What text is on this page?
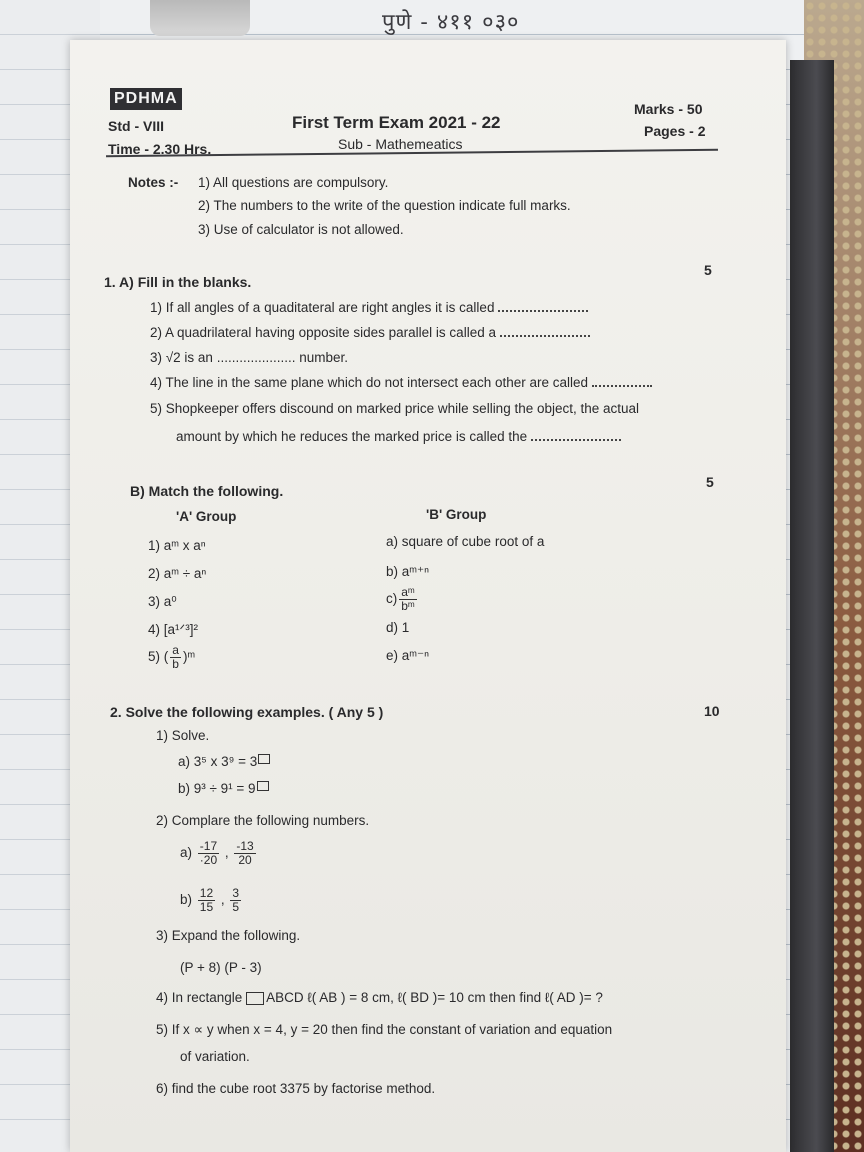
पुणे - ४११ ०३०
PDHMA
Std - VIII
Time - 2.30 Hrs.
First Term Exam 2021 - 22
Sub - Mathemeatics
Marks - 50
Pages - 2
Notes :- 1) All questions are compulsory.
2) The numbers to the write of the question indicate full marks.
3) Use of calculator is not allowed.
1. A) Fill in the blanks.
5
1) If all angles of a quaditateral are right angles it is called
2) A quadrilateral having opposite sides parallel is called a
3) √2 is an ..................... number.
4) The line in the same plane which do not intersect each other are called
5) Shopkeeper offers discound on marked price while selling the object, the actual
amount by which he reduces the marked price is called the
B) Match the following.
5
'A' Group	'B' Group
1) aᵐ x aⁿ
2) aᵐ ÷ aⁿ
3) a⁰
4) [a¹ᐟ³]²
5) ( $\frac{a}{b}$ )ᵐ
a) square of cube root of a
b) aᵐ⁺ⁿ
$c) \frac{\text{aᵐ}}{\text{bᵐ}}$
d) 1
e) aᵐ⁻ⁿ
2. Solve the following examples. ( Any 5 )	10
1) Solve.
a) 3⁵ x 3⁹ = 3
b) 9³ ÷ 9¹ = 9
2) Complare the following numbers.
$a) \frac{-17}{\cdot 20}$ , $\frac{-13}{20}$
$b) \frac{12}{15}$ , $\frac{3}{5}$
3) Expand the following.
(P + 8) (P - 3)
4) In rectangle ABCD ℓ( AB ) = 8 cm, ℓ( BD )= 10 cm then find ℓ( AD )= ?
5) If x ∝ y when x = 4, y = 20 then find the constant of variation and equation
of variation.
6) find the cube root 3375 by factorise method.
